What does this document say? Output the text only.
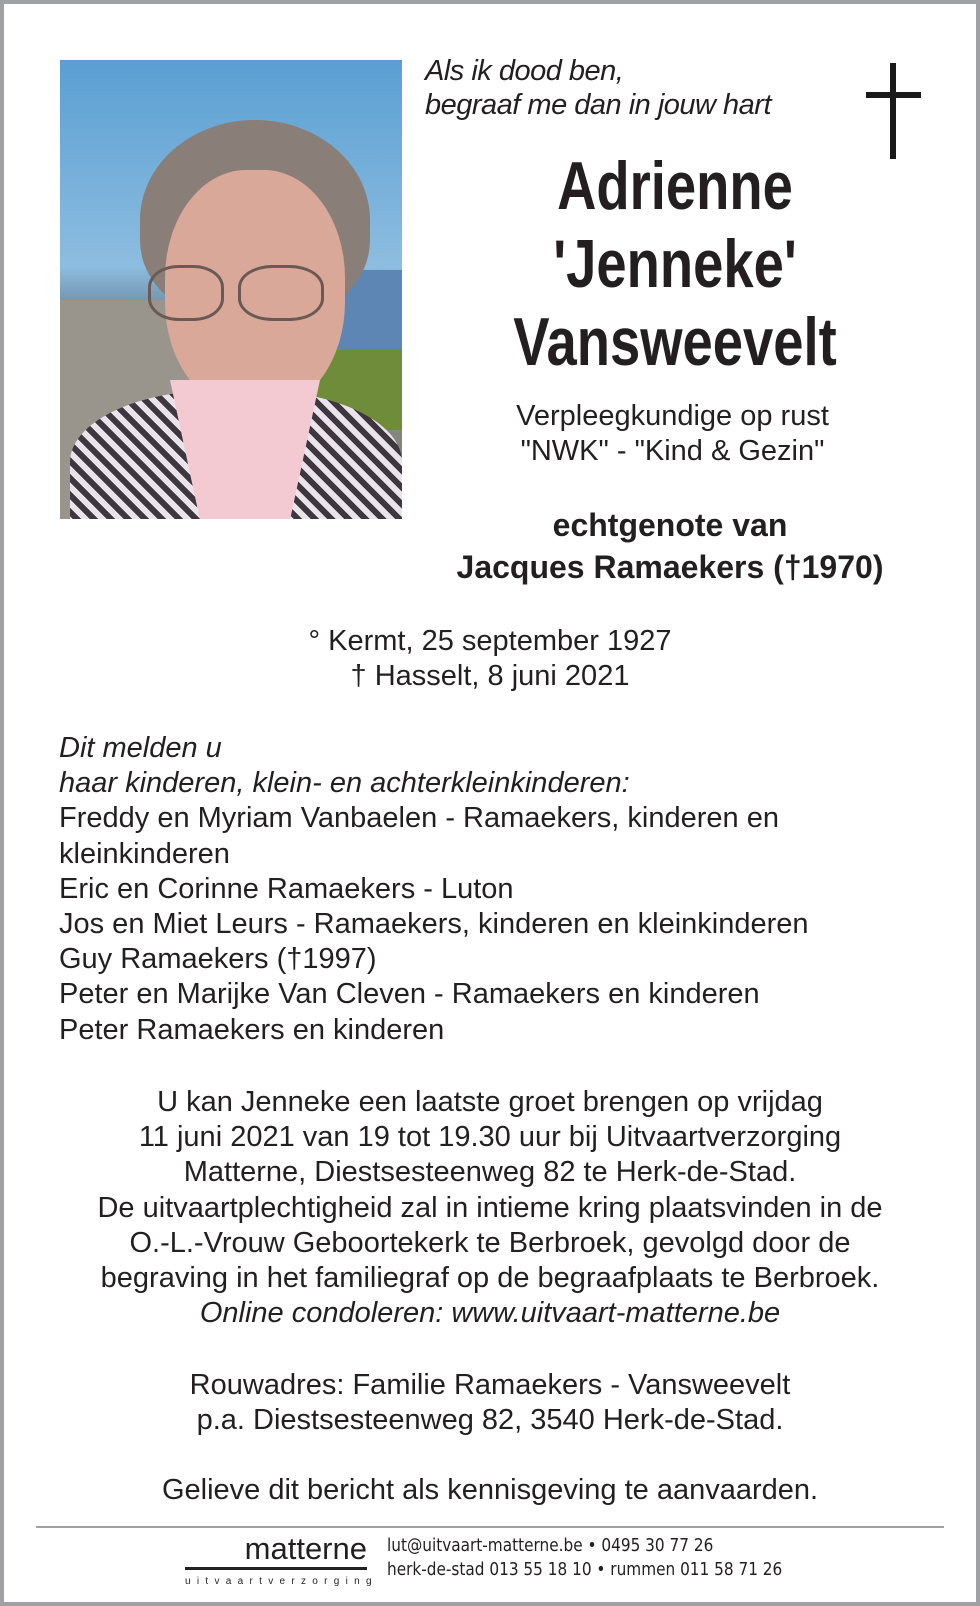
Als ik dood ben,
begraaf me dan in jouw hart
Adrienne
'Jenneke'
Vansweevelt
Verpleegkundige op rust
"NWK" - "Kind & Gezin"
echtgenote van
Jacques Ramaekers (†1970)
° Kermt, 25 september 1927
† Hasselt, 8 juni 2021
Dit melden u
haar kinderen, klein- en achterkleinkinderen:
Freddy en Myriam Vanbaelen - Ramaekers, kinderen en
kleinkinderen
Eric en Corinne Ramaekers - Luton
Jos en Miet Leurs - Ramaekers, kinderen en kleinkinderen
Guy Ramaekers (†1997)
Peter en Marijke Van Cleven - Ramaekers en kinderen
Peter Ramaekers en kinderen
U kan Jenneke een laatste groet brengen op vrijdag
11 juni 2021 van 19 tot 19.30 uur bij Uitvaartverzorging
Matterne, Diestsesteenweg 82 te Herk-de-Stad.
De uitvaartplechtigheid zal in intieme kring plaatsvinden in de
O.-L.-Vrouw Geboortekerk te Berbroek, gevolgd door de
begraving in het familiegraf op de begraafplaats te Berbroek.
Online condoleren: www.uitvaart-matterne.be
Rouwadres: Familie Ramaekers - Vansweevelt
p.a. Diestsesteenweg 82, 3540 Herk-de-Stad.
Gelieve dit bericht als kennisgeving te aanvaarden.
matterne
uitvaartverzorging
lut@uitvaart-matterne.be • 0495 30 77 26
herk-de-stad 013 55 18 10 • rummen 011 58 71 26
